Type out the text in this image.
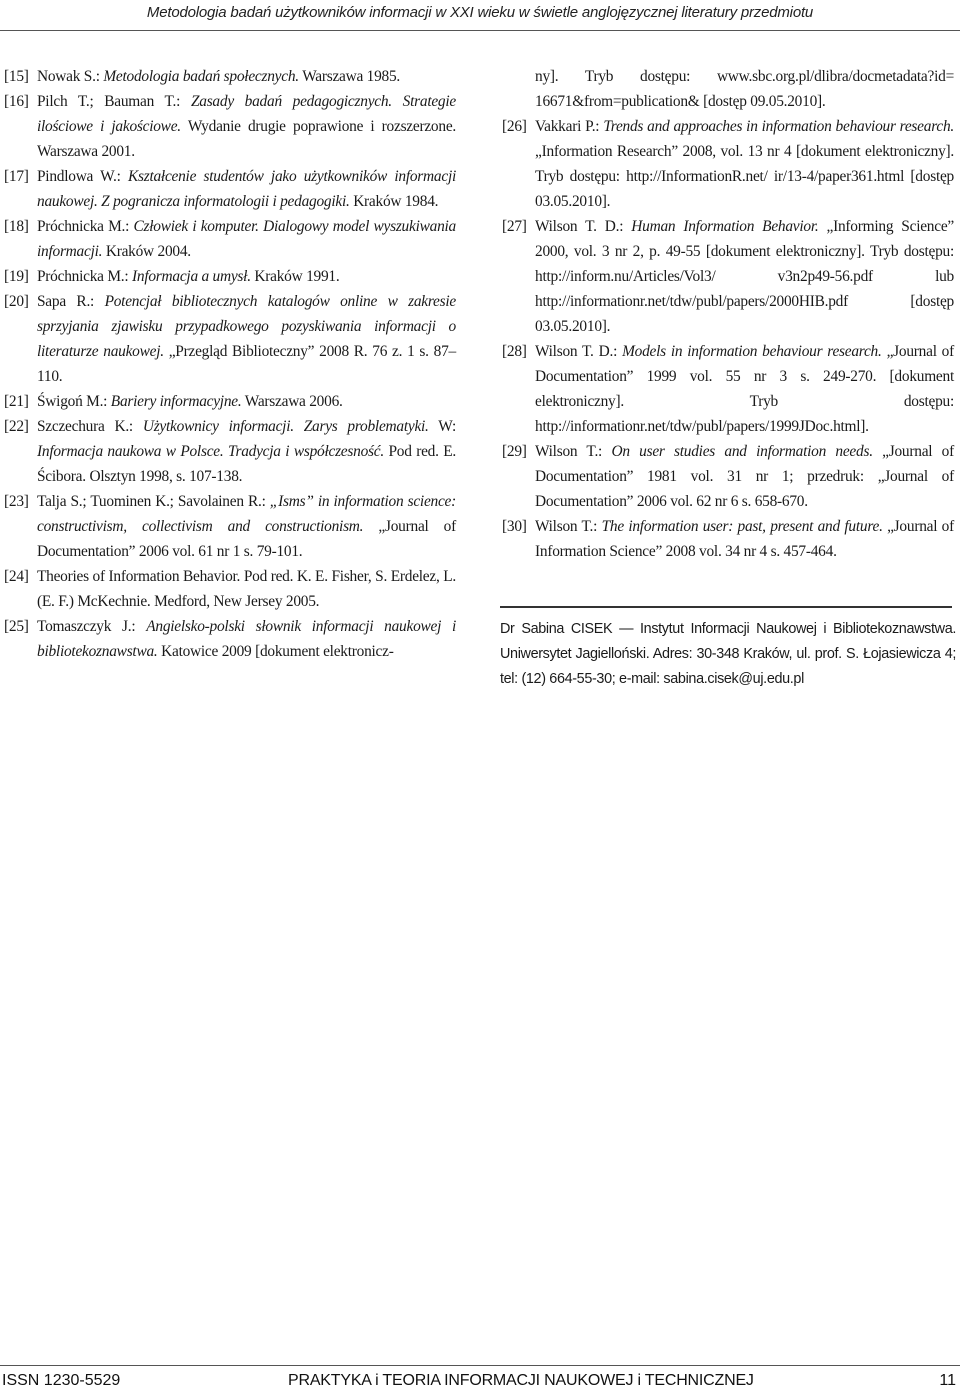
Metodologia badań użytkowników informacji w XXI wieku w świetle anglojęzycznej literatury przedmiotu

[15] Nowak S.: Metodologia badań społecznych. Warszawa 1985.

[16] Pilch T.; Bauman T.: Zasady badań pedagogicznych. Strategie ilościowe i jakościowe. Wydanie drugie poprawione i rozszerzone. Warszawa 2001.

[17] Pindlowa W.: Kształcenie studentów jako użytkowników informacji naukowej. Z pogranicza informatologii i pedagogiki. Kraków 1984.

[18] Próchnicka M.: Człowiek i komputer. Dialogowy model wyszukiwania informacji. Kraków 2004.

[19] Próchnicka M.: Informacja a umysł. Kraków 1991.

[20] Sapa R.: Potencjał bibliotecznych katalogów online w zakresie sprzyjania zjawisku przypadkowego pozyskiwania informacji o literaturze naukowej. „Przegląd Biblioteczny” 2008 R. 76 z. 1 s. 87–110.

[21] Świgoń M.: Bariery informacyjne. Warszawa 2006.

[22] Szczechura K.: Użytkownicy informacji. Zarys problematyki. W: Informacja naukowa w Polsce. Tradycja i współczesność. Pod red. E. Ścibora. Olsztyn 1998, s. 107-138.

[23] Talja S.; Tuominen K.; Savolainen R.: „Isms” in information science: constructivism, collectivism and constructionism. „Journal of Documentation” 2006 vol. 61 nr 1 s. 79-101.

[24] Theories of Information Behavior. Pod red. K. E. Fisher, S. Erdelez, L. (E. F.) McKechnie. Medford, New Jersey 2005.

[25] Tomaszczyk J.: Angielsko-polski słownik informacji naukowej i bibliotekoznawstwa. Katowice 2009 [dokument elektronicz-

ny]. Tryb dostępu: www.sbc.org.pl/dlibra/docmetadata?id= 16671&from=publication& [dostęp 09.05.2010].

[26] Vakkari P.: Trends and approaches in information behaviour research. „Information Research” 2008, vol. 13 nr 4 [dokument elektroniczny]. Tryb dostępu: http://InformationR.net/ ir/13-4/paper361.html [dostęp 03.05.2010].

[27] Wilson T. D.: Human Information Behavior. „Informing Science” 2000, vol. 3 nr 2, p. 49-55 [dokument elektroniczny]. Tryb dostępu: http://inform.nu/Articles/Vol3/ v3n2p49-56.pdf lub http://informationr.net/tdw/publ/papers/2000HIB.pdf [dostęp 03.05.2010].

[28] Wilson T. D.: Models in information behaviour research. „Journal of Documentation” 1999 vol. 55 nr 3 s. 249-270. [dokument elektroniczny]. Tryb dostępu: http://informationr.net/tdw/publ/papers/1999JDoc.html].

[29] Wilson T.: On user studies and information needs. „Journal of Documentation” 1981 vol. 31 nr 1; przedruk: „Journal of Documentation” 2006 vol. 62 nr 6 s. 658-670.

[30] Wilson T.: The information user: past, present and future. „Journal of Information Science” 2008 vol. 34 nr 4 s. 457-464.

Dr Sabina CISEK — Instytut Informacji Naukowej i Bibliotekoznawstwa. Uniwersytet Jagielloński. Adres: 30-348 Kraków, ul. prof. S. Łojasiewicza 4; tel: (12) 664-55-30; e-mail: sabina.cisek@uj.edu.pl
ISSN 1230-5529	PRAKTYKA i TEORIA INFORMACJI NAUKOWEJ i TECHNICZNEJ	11
